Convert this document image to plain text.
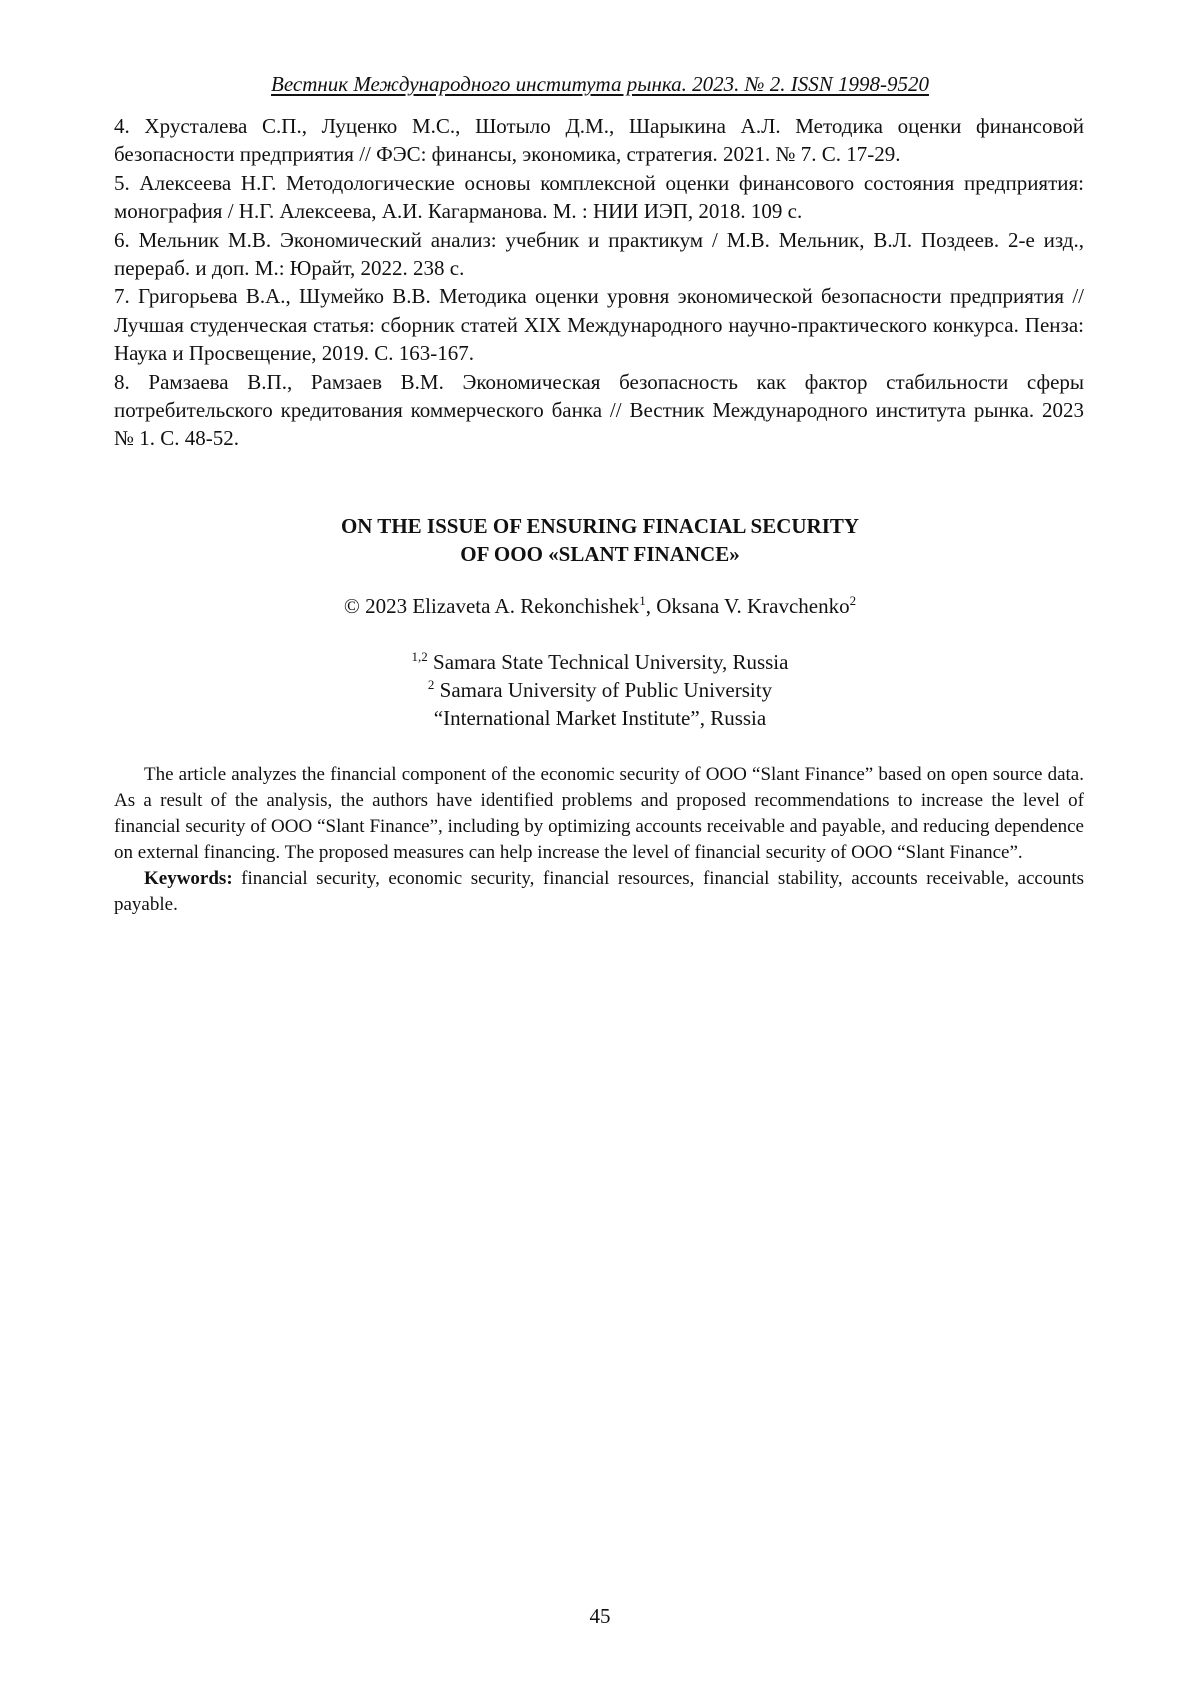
Вестник Международного института рынка. 2023. № 2. ISSN 1998-9520

4. Хрусталева С.П., Луценко М.С., Шотыло Д.М., Шарыкина А.Л. Методика оценки финансовой безопасности предприятия // ФЭС: финансы, экономика, стратегия. 2021. № 7. С. 17-29.

5. Алексеева Н.Г. Методологические основы комплексной оценки финансового состояния предприятия: монография / Н.Г. Алексеева, А.И. Кагарманова. М. : НИИ ИЭП, 2018. 109 с.

6. Мельник М.В. Экономический анализ: учебник и практикум / М.В. Мельник, В.Л. Поздеев. 2-е изд., перераб. и доп. М.: Юрайт, 2022. 238 с.

7. Григорьева В.А., Шумейко В.В. Методика оценки уровня экономической безопасности предприятия // Лучшая студенческая статья: сборник статей XIX Международного научно-практического конкурса. Пенза: Наука и Просвещение, 2019. С. 163-167.

8. Рамзаева В.П., Рамзаев В.М. Экономическая безопасность как фактор стабильности сферы потребительского кредитования коммерческого банка // Вестник Международного института рынка. 2023 № 1. С. 48-52.

ON THE ISSUE OF ENSURING FINACIAL SECURITY
OF OOO «SLANT FINANCE»
© 2023 Elizaveta A. Rekonchishek$^1$, Oksana V. Kravchenko$^2$
$^{1,2}$ Samara State Technical University, Russia
$^2$ Samara University of Public University
“International Market Institute”, Russia

The article analyzes the financial component of the economic security of OOO “Slant Finance” based on open source data. As a result of the analysis, the authors have identified problems and proposed recommendations to increase the level of financial security of OOO “Slant Finance”, including by optimizing accounts receivable and payable, and reducing dependence on external financing. The proposed measures can help increase the level of financial security of OOO “Slant Finance”.

Keywords: financial security, economic security, financial resources, financial stability, accounts receivable, accounts payable.

45
